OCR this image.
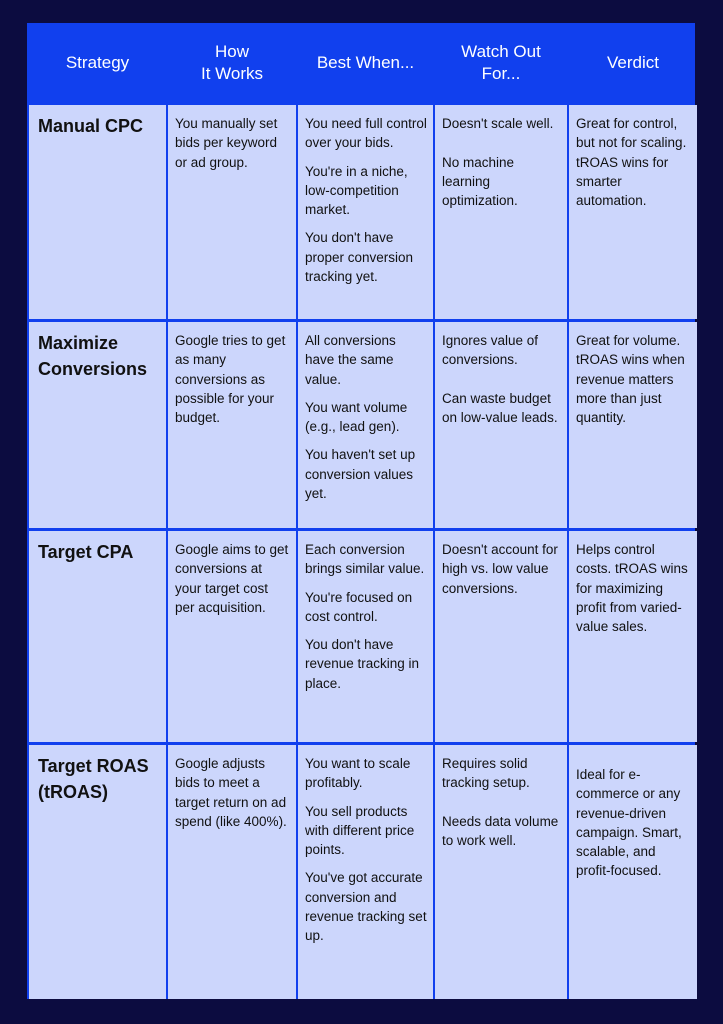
Strategy
How
It Works
Best When...
Watch Out
For...
Verdict
Manual CPC	You manually set bids per keyword or ad group.

You need full control over your bids.

You're in a niche, low-competition market.

You don't have proper conversion tracking yet.

Doesn't scale well.

No machine learning optimization.

Great for control, but not for scaling. tROAS wins for smarter automation.

Maximize Conversions

Google tries to get as many conversions as possible for your budget.

All conversions have the same value.

You want volume (e.g., lead gen).

You haven't set up conversion values yet.

Ignores value of conversions.

Can waste budget on low-value leads.

Great for volume. tROAS wins when revenue matters more than just quantity.

Target CPA	Google aims to get conversions at your target cost per acquisition.

Each conversion brings similar value.

You're focused on cost control.

You don't have revenue tracking in place.

Doesn't account for high vs. low value conversions.

Helps control costs. tROAS wins for maximizing profit from varied-value sales.

Target ROAS (tROAS)

Google adjusts bids to meet a target return on ad spend (like 400%).

You want to scale profitably.

You sell products with different price points.

You've got accurate conversion and revenue tracking set up.

Requires solid tracking setup.

Needs data volume to work well.

Ideal for e-commerce or any revenue-driven campaign. Smart, scalable, and profit-focused.
